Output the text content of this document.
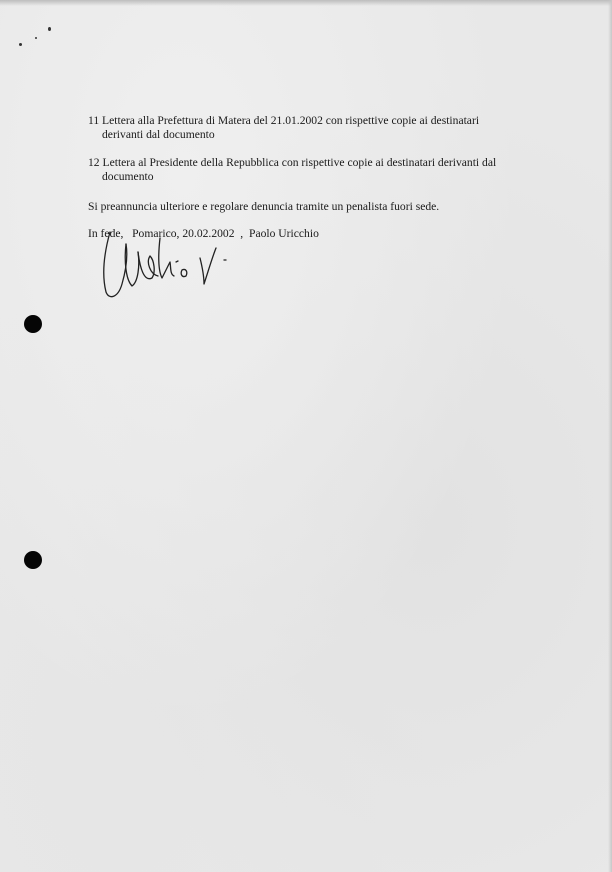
11 Lettera alla Prefettura di Matera del 21.01.2002 con rispettive copie ai destinatari
derivanti dal documento
12 Lettera al Presidente della Repubblica con rispettive copie ai destinatari derivanti dal
documento
Si preannuncia ulteriore e regolare denuncia tramite un penalista fuori sede.
In fede,   Pomarico, 20.02.2002  ,  Paolo Uricchio
